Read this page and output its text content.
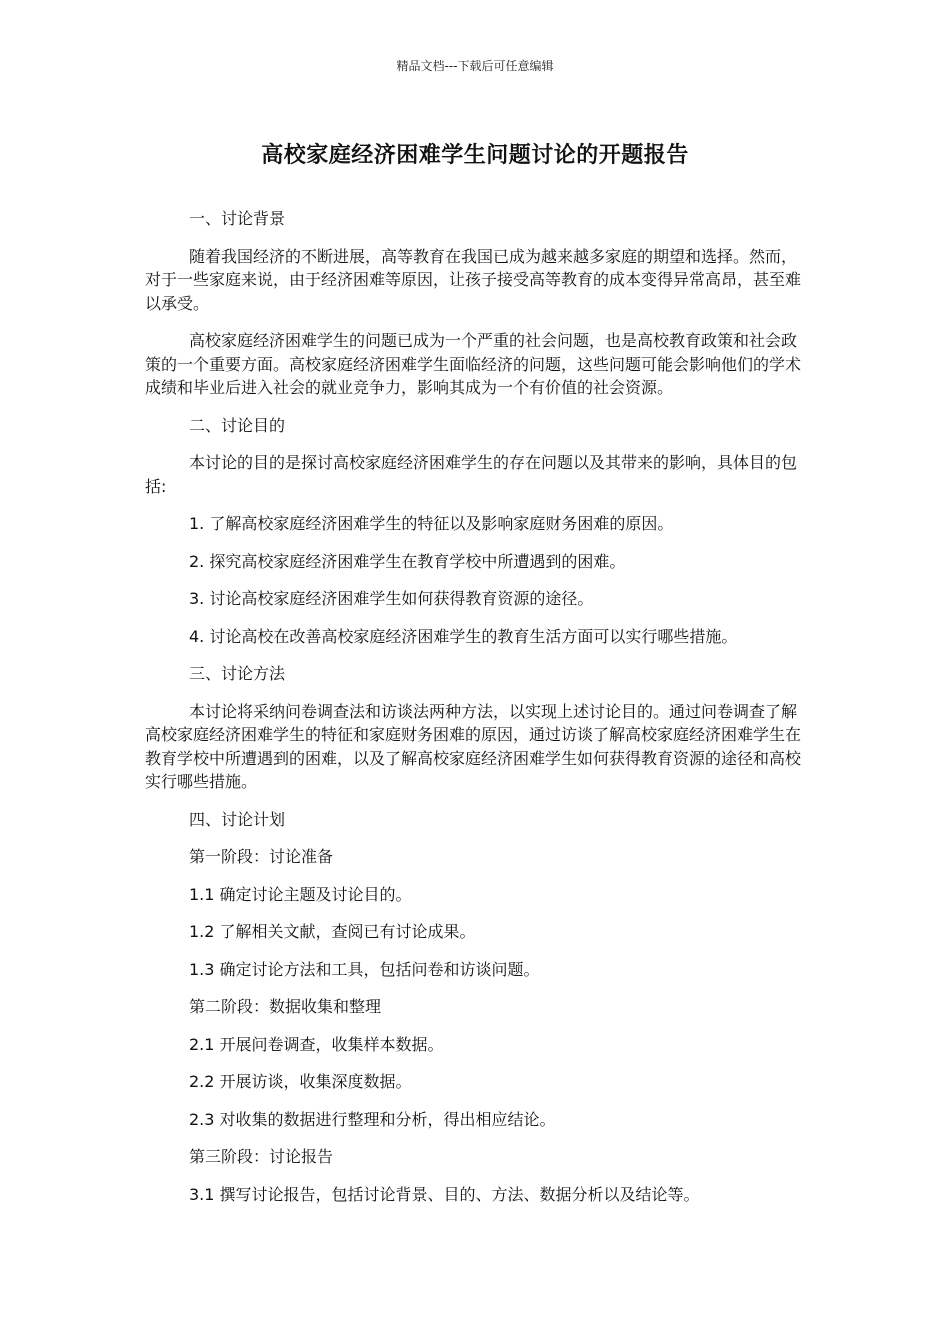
精品文档---下载后可任意编辑
高校家庭经济困难学生问题讨论的开题报告

一、讨论背景

随着我国经济的不断进展，高等教育在我国已成为越来越多家庭的期望和选择。然而，对于一些家庭来说，由于经济困难等原因，让孩子接受高等教育的成本变得异常高昂，甚至难以承受。

高校家庭经济困难学生的问题已成为一个严重的社会问题，也是高校教育政策和社会政策的一个重要方面。高校家庭经济困难学生面临经济的问题，这些问题可能会影响他们的学术成绩和毕业后进入社会的就业竞争力，影响其成为一个有价值的社会资源。

二、讨论目的

本讨论的目的是探讨高校家庭经济困难学生的存在问题以及其带来的影响，具体目的包括:

1. 了解高校家庭经济困难学生的特征以及影响家庭财务困难的原因。

2. 探究高校家庭经济困难学生在教育学校中所遭遇到的困难。

3. 讨论高校家庭经济困难学生如何获得教育资源的途径。

4. 讨论高校在改善高校家庭经济困难学生的教育生活方面可以实行哪些措施。

三、讨论方法

本讨论将采纳问卷调查法和访谈法两种方法，以实现上述讨论目的。通过问卷调查了解高校家庭经济困难学生的特征和家庭财务困难的原因，通过访谈了解高校家庭经济困难学生在教育学校中所遭遇到的困难，以及了解高校家庭经济困难学生如何获得教育资源的途径和高校实行哪些措施。

四、讨论计划

第一阶段：讨论准备

1.1 确定讨论主题及讨论目的。

1.2 了解相关文献，查阅已有讨论成果。

1.3 确定讨论方法和工具，包括问卷和访谈问题。

第二阶段：数据收集和整理

2.1 开展问卷调查，收集样本数据。

2.2 开展访谈，收集深度数据。

2.3 对收集的数据进行整理和分析，得出相应结论。

第三阶段：讨论报告

3.1 撰写讨论报告，包括讨论背景、目的、方法、数据分析以及结论等。
